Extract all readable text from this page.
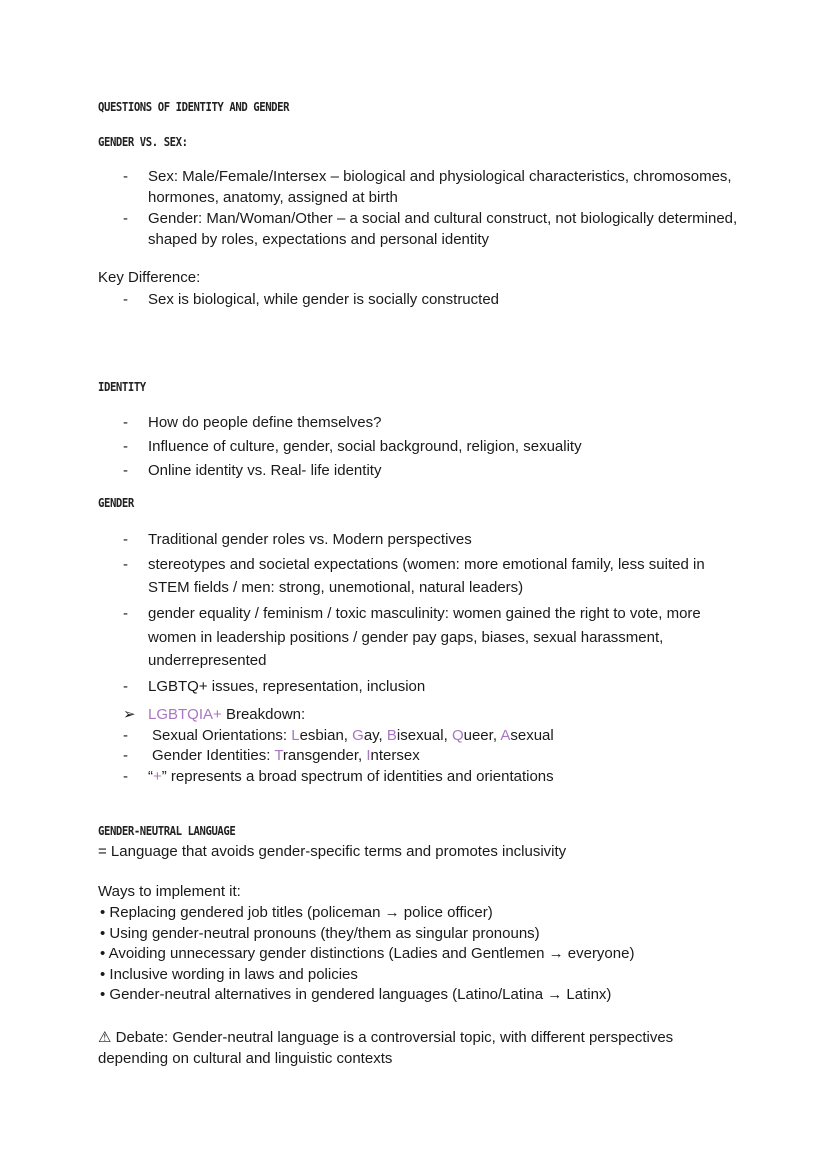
QUESTIONS OF IDENTITY AND GENDER
GENDER VS. SEX:
- Sex: Male/Female/Intersex – biological and physiological characteristics, chromosomes, hormones, anatomy, assigned at birth
- Gender: Man/Woman/Other – a social and cultural construct, not biologically determined, shaped by roles, expectations and personal identity
Key Difference:
- Sex is biological, while gender is socially constructed
IDENTITY
- How do people define themselves?
- Influence of culture, gender, social background, religion, sexuality
- Online identity vs. Real- life identity
GENDER
- Traditional gender roles vs. Modern perspectives
- stereotypes and societal expectations (women: more emotional family, less suited in STEM fields / men: strong, unemotional, natural leaders)
- gender equality / feminism / toxic masculinity: women gained the right to vote, more women in leadership positions / gender pay gaps, biases, sexual harassment, underrepresented
- LGBTQ+ issues, representation, inclusion
➢ LGBTQIA+ Breakdown:
- Sexual Orientations: Lesbian, Gay, Bisexual, Queer, Asexual
- Gender Identities: Transgender, Intersex
- “+” represents a broad spectrum of identities and orientations
GENDER-NEUTRAL LANGUAGE
= Language that avoids gender-specific terms and promotes inclusivity
Ways to implement it:
• Replacing gendered job titles (policeman → police officer)
• Using gender-neutral pronouns (they/them as singular pronouns)
• Avoiding unnecessary gender distinctions (Ladies and Gentlemen → everyone)
• Inclusive wording in laws and policies
• Gender-neutral alternatives in gendered languages (Latino/Latina → Latinx)
⚠ Debate: Gender-neutral language is a controversial topic, with different perspectives depending on cultural and linguistic contexts
